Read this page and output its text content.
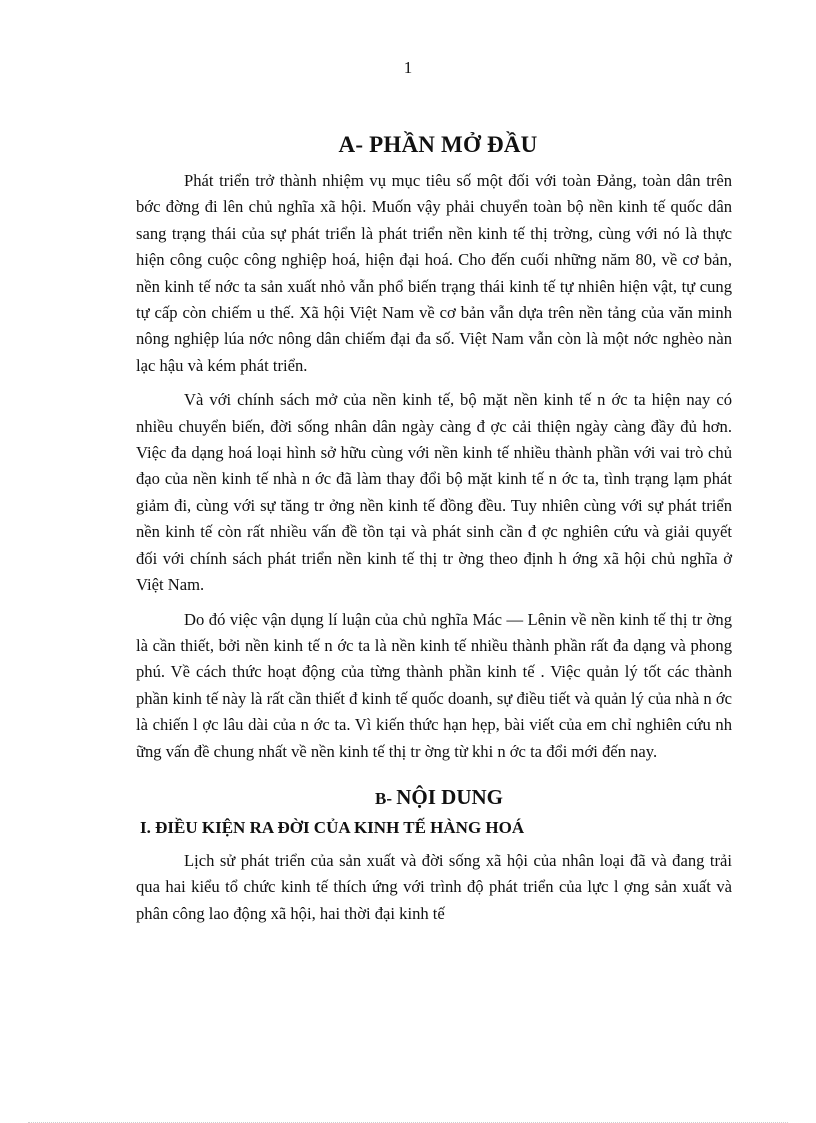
1
A- PHẦN MỞ ĐẦU

Phát triển trở thành nhiệm vụ mục tiêu số một đối với toàn Đảng, toàn dân trên bớc đờng đi lên chủ nghĩa xã hội. Muốn vậy phải chuyển toàn bộ nền kinh tế quốc dân sang trạng thái của sự phát triển là phát triển nền kinh tế thị trờng, cùng với nó là thực hiện công cuộc công nghiệp hoá, hiện đại hoá. Cho đến cuối những năm 80, về cơ bản, nền kinh tế nớc ta sản xuất nhỏ vẫn phổ biến trạng thái kinh tế tự nhiên hiện vật, tự cung tự cấp còn chiếm u thế. Xã hội Việt Nam về cơ bản vẫn dựa trên nền tảng của văn minh nông nghiệp lúa nớc nông dân chiếm đại đa số. Việt Nam vẫn còn là một nớc nghèo nàn lạc hậu và kém phát triển.

Và với chính sách mở của nền kinh tế, bộ mặt nền kinh tế n ớc ta hiện nay có nhiều chuyển biến, đời sống nhân dân ngày càng đ ợc cải thiện ngày càng đầy đủ hơn. Việc đa dạng hoá loại hình sở hữu cùng với nền kinh tế nhiều thành phần với vai trò chủ đạo của nền kinh tế nhà n ớc đã làm thay đổi bộ mặt kinh tế n ớc ta, tình trạng lạm phát giảm đi, cùng với sự tăng tr ởng nền kinh tế đồng đều. Tuy nhiên cùng với sự phát triển nền kinh tế còn rất nhiều vấn đề tồn tại và phát sinh cần đ ợc nghiên cứu và giải quyết đối với chính sách phát triển nền kinh tế thị tr ờng theo định h ớng xã hội chủ nghĩa ở Việt Nam.

Do đó việc vận dụng lí luận của chủ nghĩa Mác — Lênin về nền kinh tế thị tr ờng là cần thiết, bởi nền kinh tế n ớc ta là nền kinh tế nhiều thành phần rất đa dạng và phong phú. Về cách thức hoạt động của từng thành phần kinh tế . Việc quản lý tốt các thành phần kinh tế này là rất cần thiết đ kinh tế quốc doanh, sự điều tiết và quản lý của nhà n ớc là chiến l ợc lâu dài của n ớc ta. Vì kiến thức hạn hẹp, bài viết của em chỉ nghiên cứu nh ững vấn đề chung nhất về nền kinh tế thị tr ờng từ khi n ớc ta đổi mới đến nay.

B- NỘI DUNG
I. ĐIỀU KIỆN RA ĐỜI CỦA KINH TẾ HÀNG HOÁ

Lịch sử phát triển của sản xuất và đời sống xã hội của nhân loại đã và đang trải qua hai kiểu tổ chức kinh tế thích ứng với trình độ phát triển của lực l ợng sản xuất và phân công lao động xã hội, hai thời đại kinh tế
